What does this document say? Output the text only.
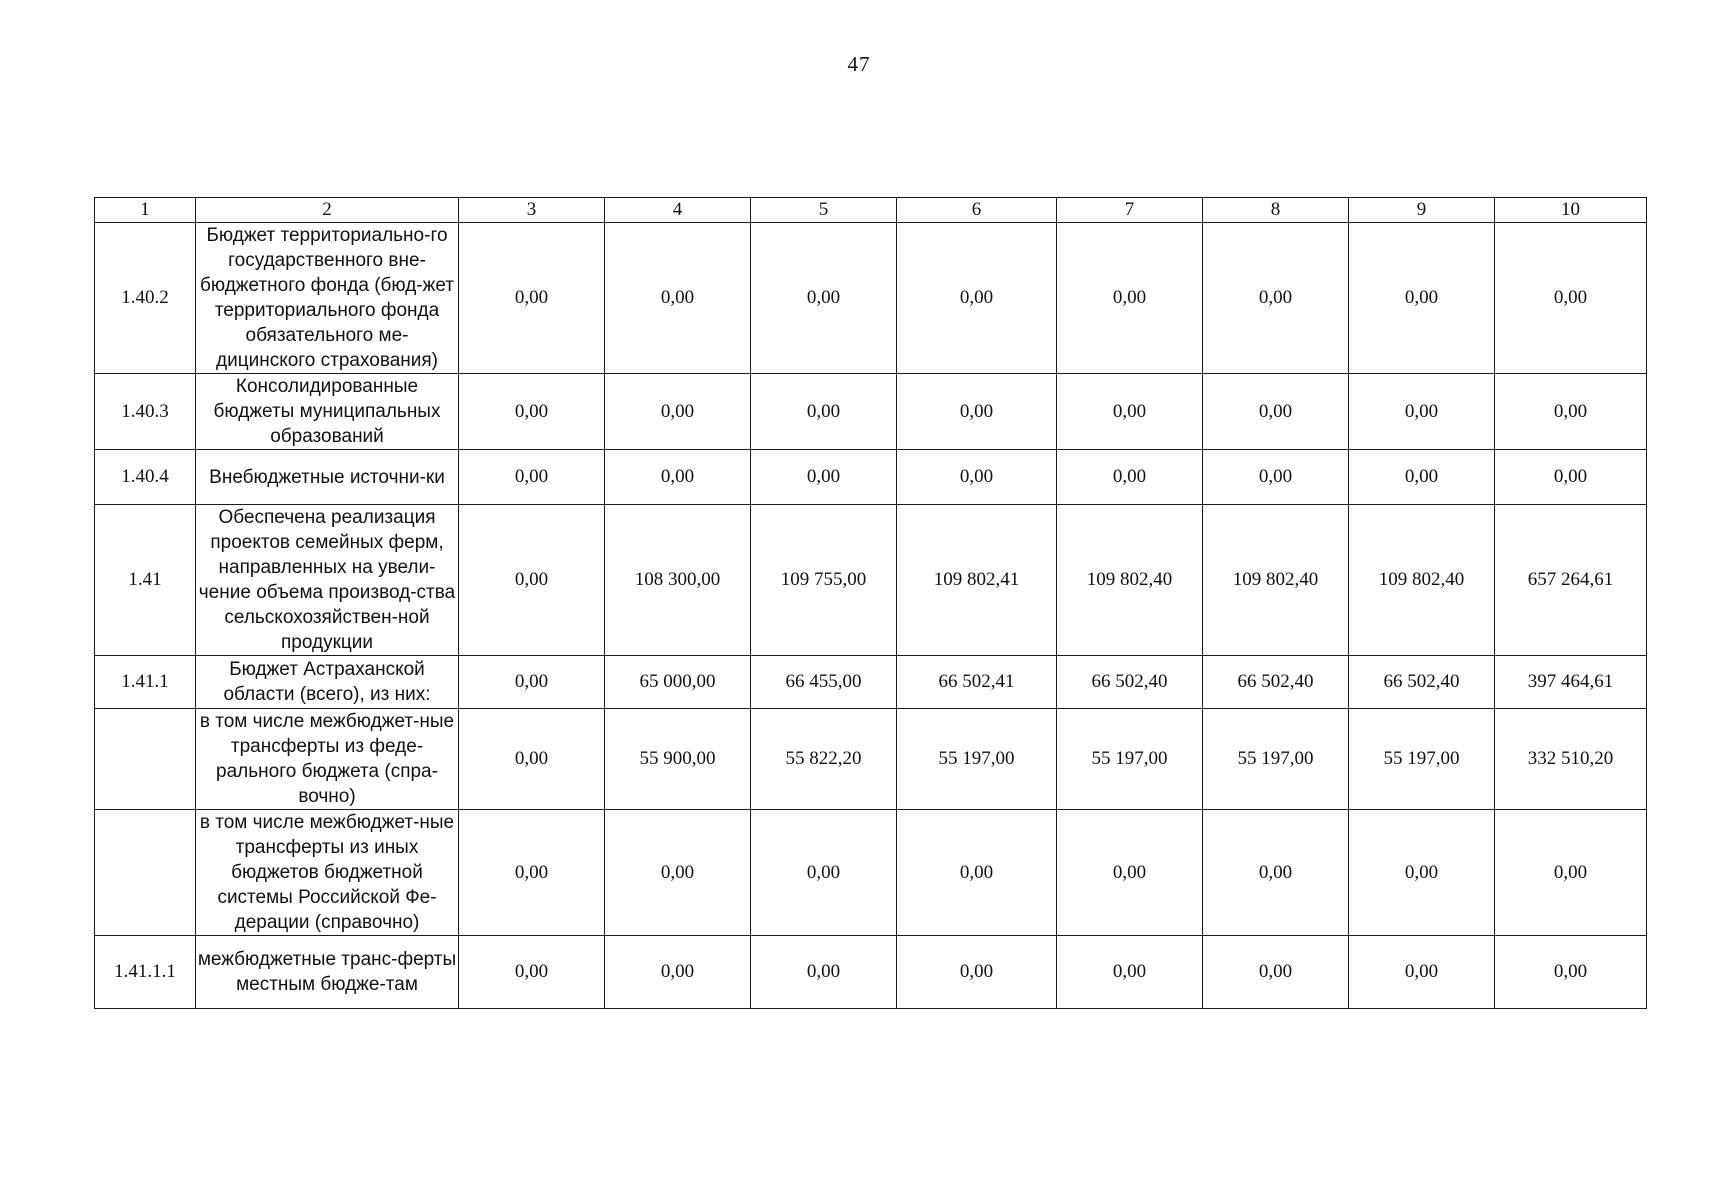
47
1	2	3	4	5	6	7	8	9	10
1.40.2	Бюджет территориально-го государственного вне-бюджетного фонда (бюд-жет территориального фонда обязательного ме-дицинского страхования)	0,00	0,00	0,00	0,00	0,00	0,00	0,00	0,00
1.40.3	Консолидированные бюджеты муниципальных образований	0,00	0,00	0,00	0,00	0,00	0,00	0,00	0,00
1.40.4	Внебюджетные источни-ки	0,00	0,00	0,00	0,00	0,00	0,00	0,00	0,00
1.41	Обеспечена реализация проектов семейных ферм, направленных на увели-чение объема производ-ства сельскохозяйствен-ной продукции	0,00	108 300,00	109 755,00	109 802,41	109 802,40	109 802,40	109 802,40	657 264,61
1.41.1	Бюджет Астраханской области (всего), из них:	0,00	65 000,00	66 455,00	66 502,41	66 502,40	66 502,40	66 502,40	397 464,61
	в том числе межбюджет-ные трансферты из феде-рального бюджета (спра-вочно)	0,00	55 900,00	55 822,20	55 197,00	55 197,00	55 197,00	55 197,00	332 510,20
	в том числе межбюджет-ные трансферты из иных бюджетов бюджетной системы Российской Фе-дерации (справочно)	0,00	0,00	0,00	0,00	0,00	0,00	0,00	0,00
1.41.1.1	межбюджетные транс-ферты местным бюдже-там	0,00	0,00	0,00	0,00	0,00	0,00	0,00	0,00
